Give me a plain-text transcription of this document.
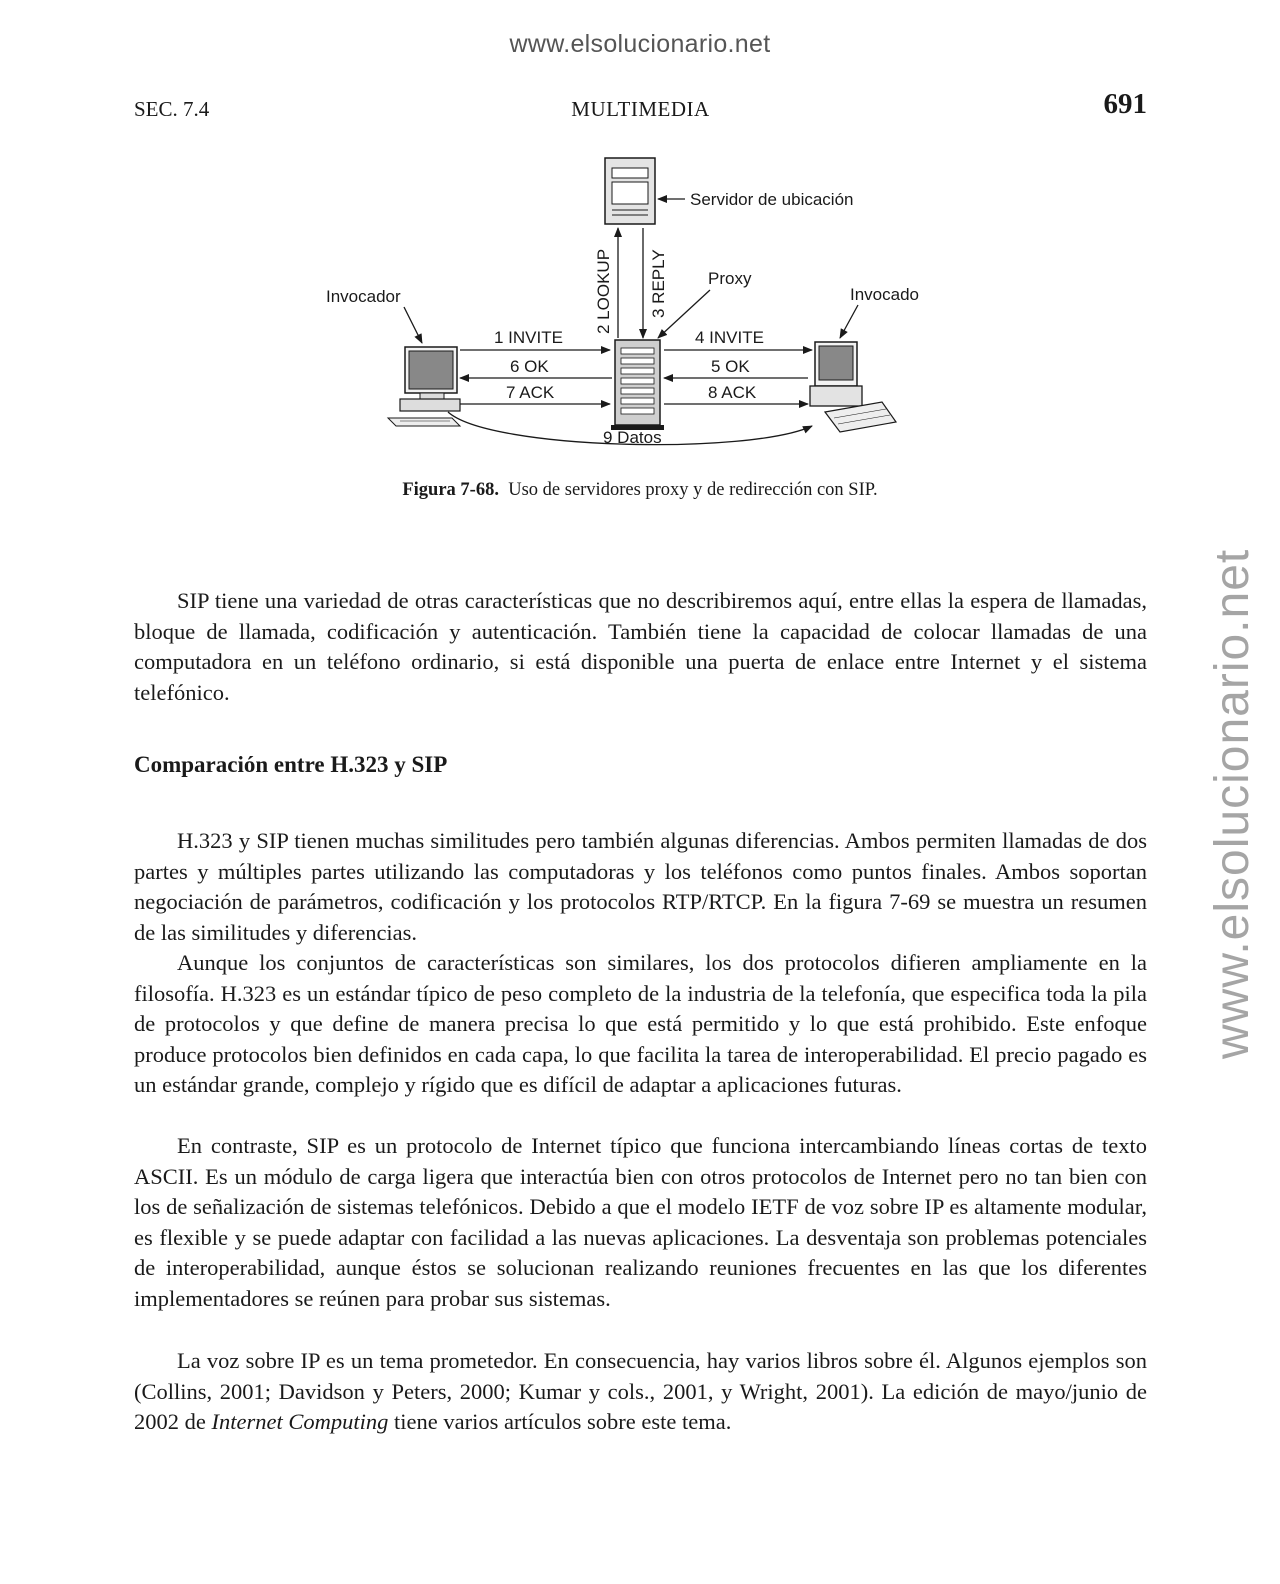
www.elsolucionario.net
www.elsolucionario.net
SEC. 7.4	MULTIMEDIA	691
Servidor de ubicación
2 LOOKUP 3 REPLY Proxy
Invocador	Invocado
1 INVITE
6 OK
7 ACK
4 INVITE
5 OK
8 ACK
9 Datos
Figura 7-68. Uso de servidores proxy y de redirección con SIP.

SIP tiene una variedad de otras características que no describiremos aquí, entre ellas la espera de llamadas, bloque de llamada, codificación y autenticación. También tiene la capacidad de colocar llamadas de una computadora en un teléfono ordinario, si está disponible una puerta de enlace entre Internet y el sistema telefónico.

Comparación entre H.323 y SIP

H.323 y SIP tienen muchas similitudes pero también algunas diferencias. Ambos permiten llamadas de dos partes y múltiples partes utilizando las computadoras y los teléfonos como puntos finales. Ambos soportan negociación de parámetros, codificación y los protocolos RTP/RTCP. En la figura 7-69 se muestra un resumen de las similitudes y diferencias.

Aunque los conjuntos de características son similares, los dos protocolos difieren ampliamente en la filosofía. H.323 es un estándar típico de peso completo de la industria de la telefonía, que especifica toda la pila de protocolos y que define de manera precisa lo que está permitido y lo que está prohibido. Este enfoque produce protocolos bien definidos en cada capa, lo que facilita la tarea de interoperabilidad. El precio pagado es un estándar grande, complejo y rígido que es difícil de adaptar a aplicaciones futuras.

En contraste, SIP es un protocolo de Internet típico que funciona intercambiando líneas cortas de texto ASCII. Es un módulo de carga ligera que interactúa bien con otros protocolos de Internet pero no tan bien con los de señalización de sistemas telefónicos. Debido a que el modelo IETF de voz sobre IP es altamente modular, es flexible y se puede adaptar con facilidad a las nuevas aplicaciones. La desventaja son problemas potenciales de interoperabilidad, aunque éstos se solucionan realizando reuniones frecuentes en las que los diferentes implementadores se reúnen para probar sus sistemas.

La voz sobre IP es un tema prometedor. En consecuencia, hay varios libros sobre él. Algunos ejemplos son (Collins, 2001; Davidson y Peters, 2000; Kumar y cols., 2001, y Wright, 2001). La edición de mayo/junio de 2002 de Internet Computing tiene varios artículos sobre este tema.
